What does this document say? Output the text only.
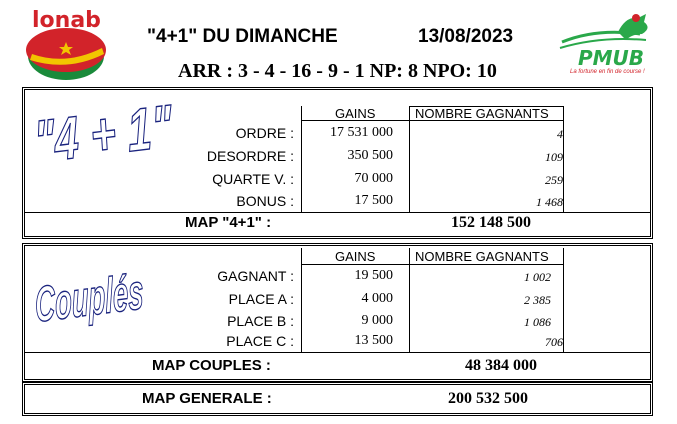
lonab
"4+1" DU DIMANCHE	13/08/2023
ARR : 3 - 4 - 16 - 9 - 1 NP: 8 NPO: 10
PMUB
La fortune en fin de course !
"4 + 1"	GAINS	NOMBRE GAGNANTS
ORDRE :	17 531 000	4
DESORDRE :	350 500	109
QUARTE V. :	70 000	259
BONUS :	17 500	1 468
MAP "4+1" :	152 148 500
Couplés
GAINS	NOMBRE GAGNANTS
GAGNANT :	19 500	1 002
PLACE A :	4 000	2 385
PLACE B :	9 000	1 086
PLACE C :	13 500	706
MAP COUPLES :	48 384 000
MAP GENERALE :	200 532 500
